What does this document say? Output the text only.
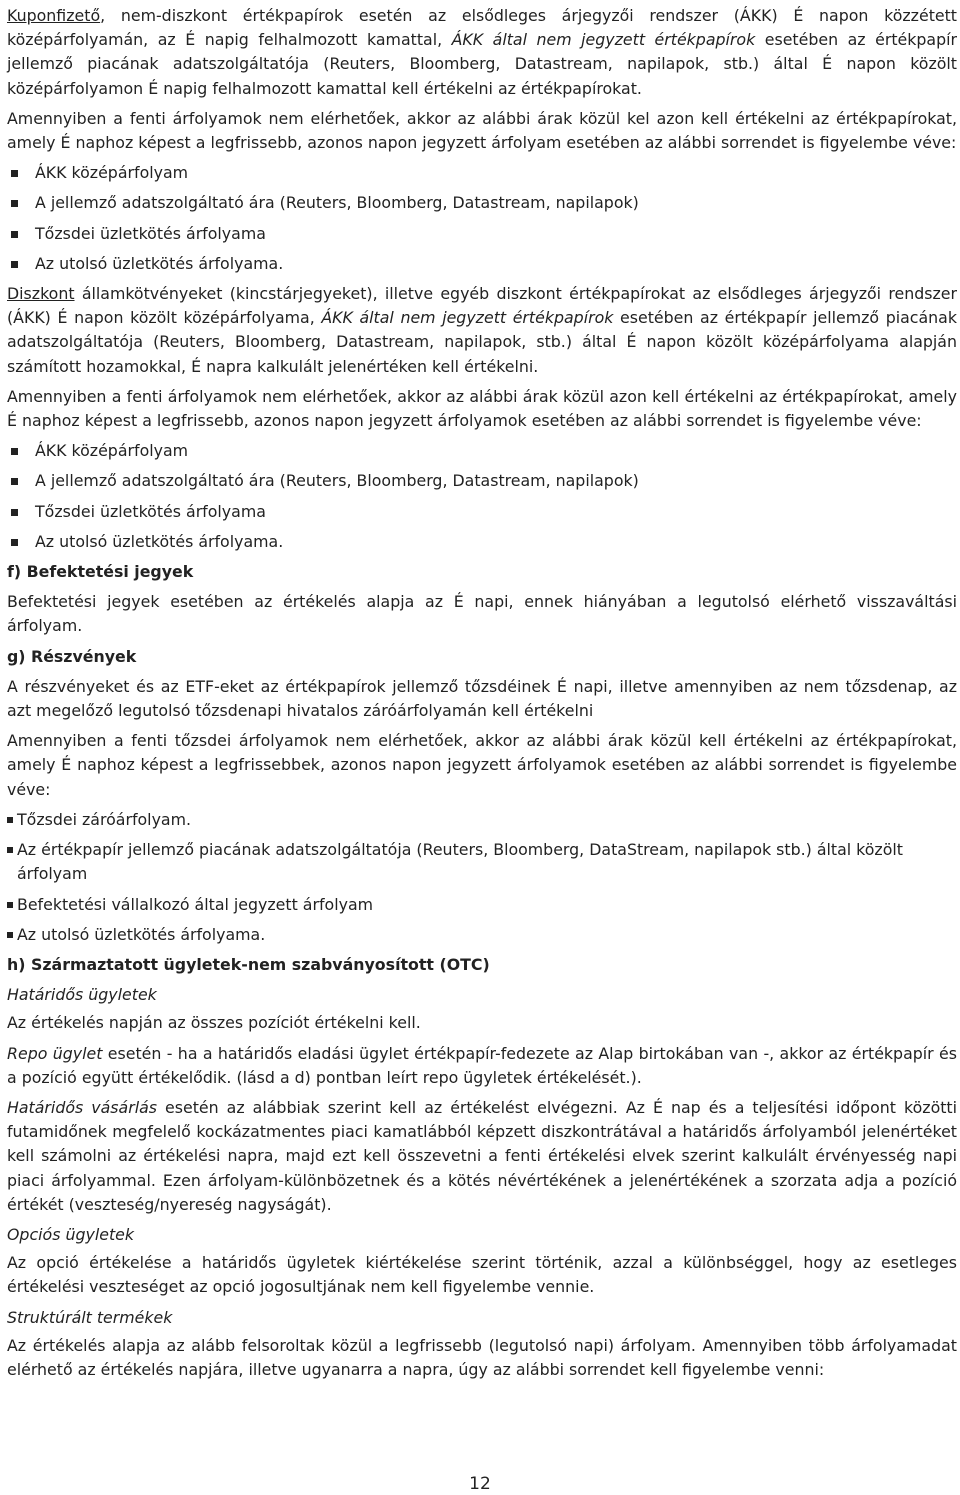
Kuponfizető, nem-diszkont értékpapírok esetén az elsődleges árjegyzői rendszer (ÁKK) É napon közzétett középárfolyamán, az É napig felhalmozott kamattal, ÁKK által nem jegyzett értékpapírok esetében az értékpapír jellemző piacának adatszolgáltatója (Reuters, Bloomberg, Datastream, napilapok, stb.) által É napon közölt középárfolyamon É napig felhalmozott kamattal kell értékelni az értékpapírokat.

Amennyiben a fenti árfolyamok nem elérhetőek, akkor az alábbi árak közül kel azon kell értékelni az értékpapírokat, amely É naphoz képest a legfrissebb, azonos napon jegyzett árfolyam esetében az alábbi sorrendet is figyelembe véve:

ÁKK középárfolyam
A jellemző adatszolgáltató ára (Reuters, Bloomberg, Datastream, napilapok)
Tőzsdei üzletkötés árfolyama
Az utolsó üzletkötés árfolyama.

Diszkont államkötvényeket (kincstárjegyeket), illetve egyéb diszkont értékpapírokat az elsődleges árjegyzői rendszer (ÁKK) É napon közölt középárfolyama, ÁKK által nem jegyzett értékpapírok esetében az értékpapír jellemző piacának adatszolgáltatója (Reuters, Bloomberg, Datastream, napilapok, stb.) által É napon közölt középárfolyama alapján számított hozamokkal, É napra kalkulált jelenértéken kell értékelni.

Amennyiben a fenti árfolyamok nem elérhetőek, akkor az alábbi árak közül azon kell értékelni az értékpapírokat, amely É naphoz képest a legfrissebb, azonos napon jegyzett árfolyamok esetében az alábbi sorrendet is figyelembe véve:

ÁKK középárfolyam
A jellemző adatszolgáltató ára (Reuters, Bloomberg, Datastream, napilapok)
Tőzsdei üzletkötés árfolyama
Az utolsó üzletkötés árfolyama.
f) Befektetési jegyek

Befektetési jegyek esetében az értékelés alapja az É napi, ennek hiányában a legutolsó elérhető visszaváltási árfolyam.

g) Részvények

A részvényeket és az ETF-eket az értékpapírok jellemző tőzsdéinek É napi, illetve amennyiben az nem tőzsdenap, az azt megelőző legutolsó tőzsdenapi hivatalos záróárfolyamán kell értékelni

Amennyiben a fenti tőzsdei árfolyamok nem elérhetőek, akkor az alábbi árak közül kell értékelni az értékpapírokat, amely É naphoz képest a legfrissebbek, azonos napon jegyzett árfolyamok esetében az alábbi sorrendet is figyelembe véve:

Tőzsdei záróárfolyam.
Az értékpapír jellemző piacának adatszolgáltatója (Reuters, Bloomberg, DataStream, napilapok stb.) által közölt árfolyam
Befektetési vállalkozó által jegyzett árfolyam
Az utolsó üzletkötés árfolyama.
h) Származtatott ügyletek-nem szabványosított (OTC)
Határidős ügyletek

Az értékelés napján az összes pozíciót értékelni kell.

Repo ügylet esetén - ha a határidős eladási ügylet értékpapír-fedezete az Alap birtokában van -, akkor az értékpapír és a pozíció együtt értékelődik. (lásd a d) pontban leírt repo ügyletek értékelését.).

Határidős vásárlás esetén az alábbiak szerint kell az értékelést elvégezni. Az É nap és a teljesítési időpont közötti futamidőnek megfelelő kockázatmentes piaci kamatlábból képzett diszkontrátával a határidős árfolyamból jelenértéket kell számolni az értékelési napra, majd ezt kell összevetni a fenti értékelési elvek szerint kalkulált érvényesség napi piaci árfolyammal. Ezen árfolyam-különbözetnek és a kötés névértékének a jelenértékének a szorzata adja a pozíció értékét (veszteség/nyereség nagyságát).

Opciós ügyletek

Az opció értékelése a határidős ügyletek kiértékelése szerint történik, azzal a különbséggel, hogy az esetleges értékelési veszteséget az opció jogosultjának nem kell figyelembe vennie.

Struktúrált termékek

Az értékelés alapja az alább felsoroltak közül a legfrissebb (legutolsó napi) árfolyam. Amennyiben több árfolyamadat elérhető az értékelés napjára, illetve ugyanarra a napra, úgy az alábbi sorrendet kell figyelembe venni:

12
